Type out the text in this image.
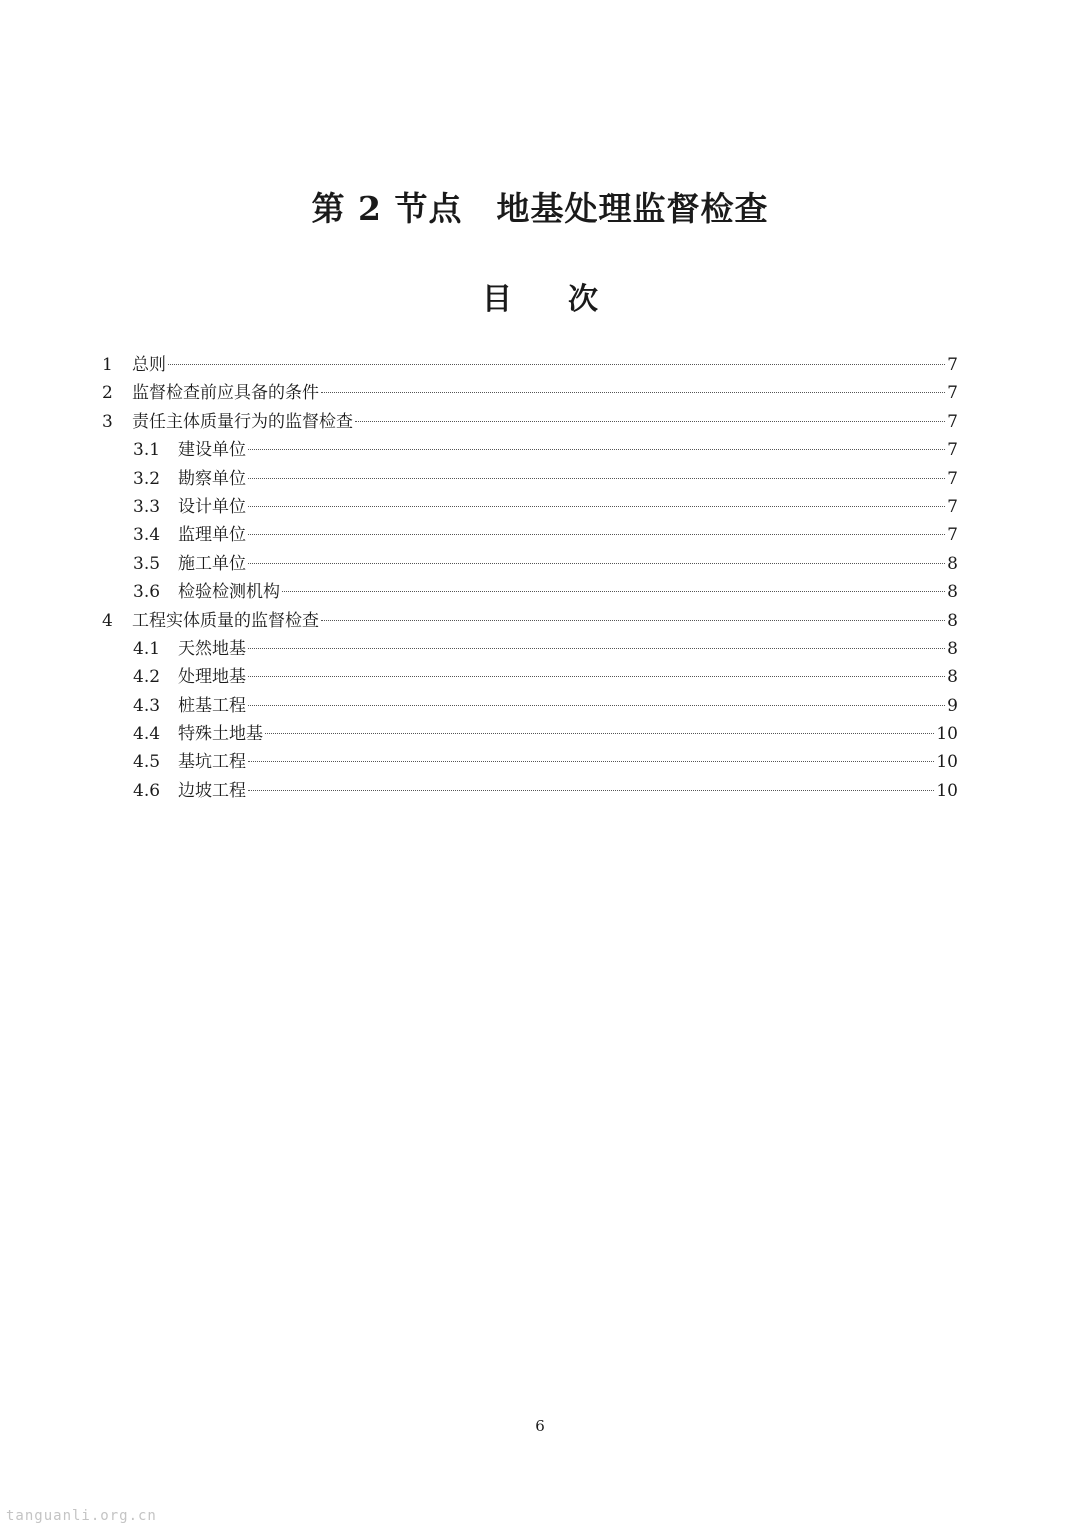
第 2 节点　地基处理监督检查
目次
1	总则	7
2	监督检查前应具备的条件	7
3	责任主体质量行为的监督检查	7
3.1	建设单位	7
3.2	勘察单位	7
3.3	设计单位	7
3.4	监理单位	7
3.5	施工单位	8
3.6	检验检测机构	8
4	工程实体质量的监督检查	8
4.1	天然地基	8
4.2	处理地基	8
4.3	桩基工程	9
4.4	特殊土地基	10
4.5	基坑工程	10
4.6	边坡工程	10
6
tanguanli.org.cn
